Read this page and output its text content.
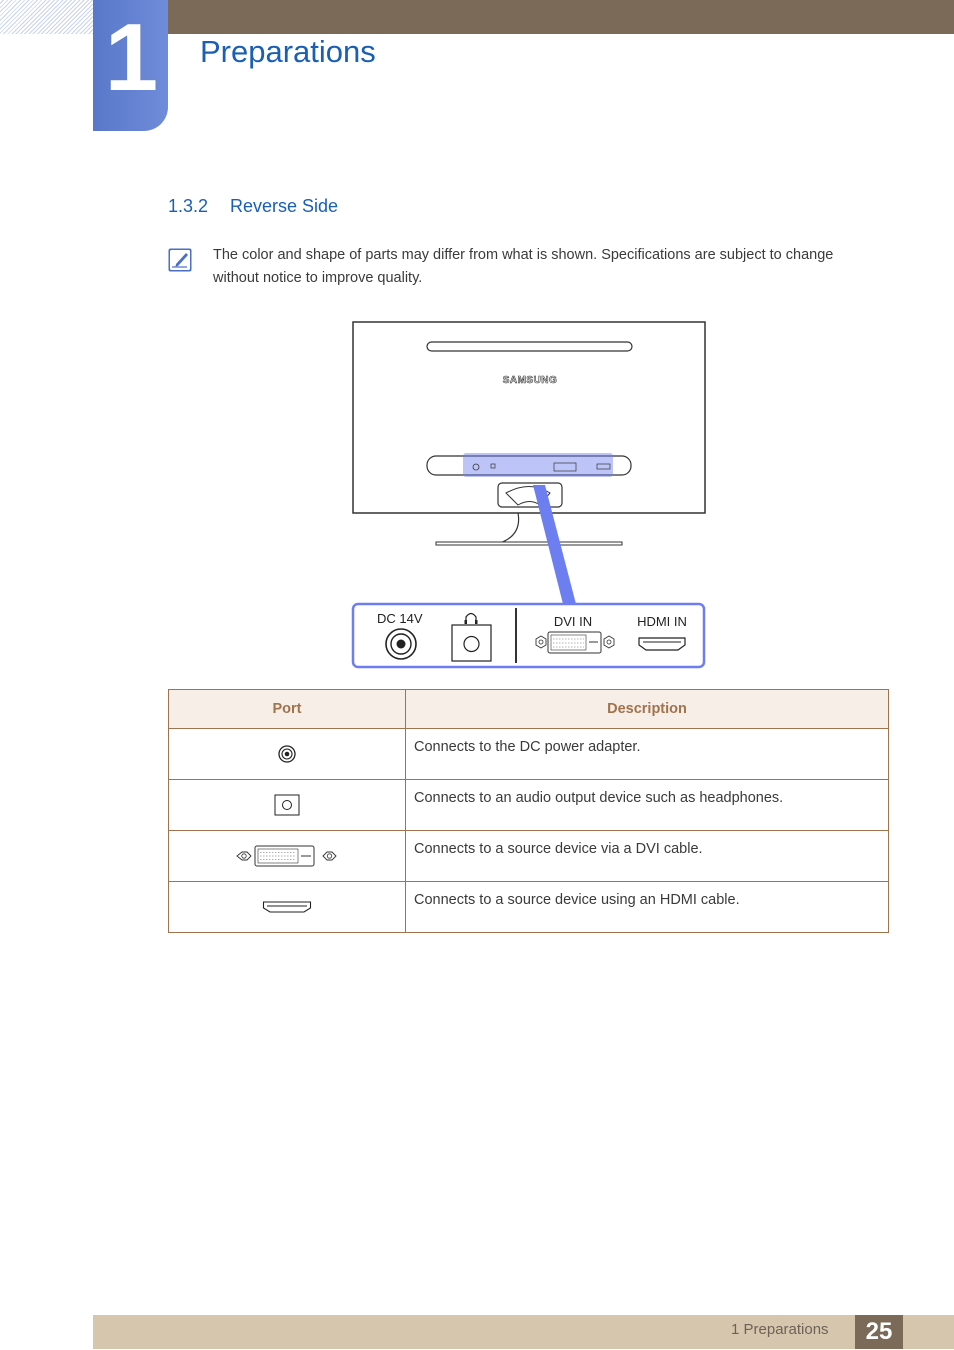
1	Preparations
1.3.2 Reverse Side
The color and shape of parts may differ from what is shown. Specifications are subject to change without notice to improve quality.
SAMSUNG
DC 14V	DVI IN	HDMI IN
Port	Description
	Connects to the DC power adapter.
	Connects to an audio output device such as headphones.
	Connects to a source device via a DVI cable.
	Connects to a source device using an HDMI cable.
1 Preparations	25
